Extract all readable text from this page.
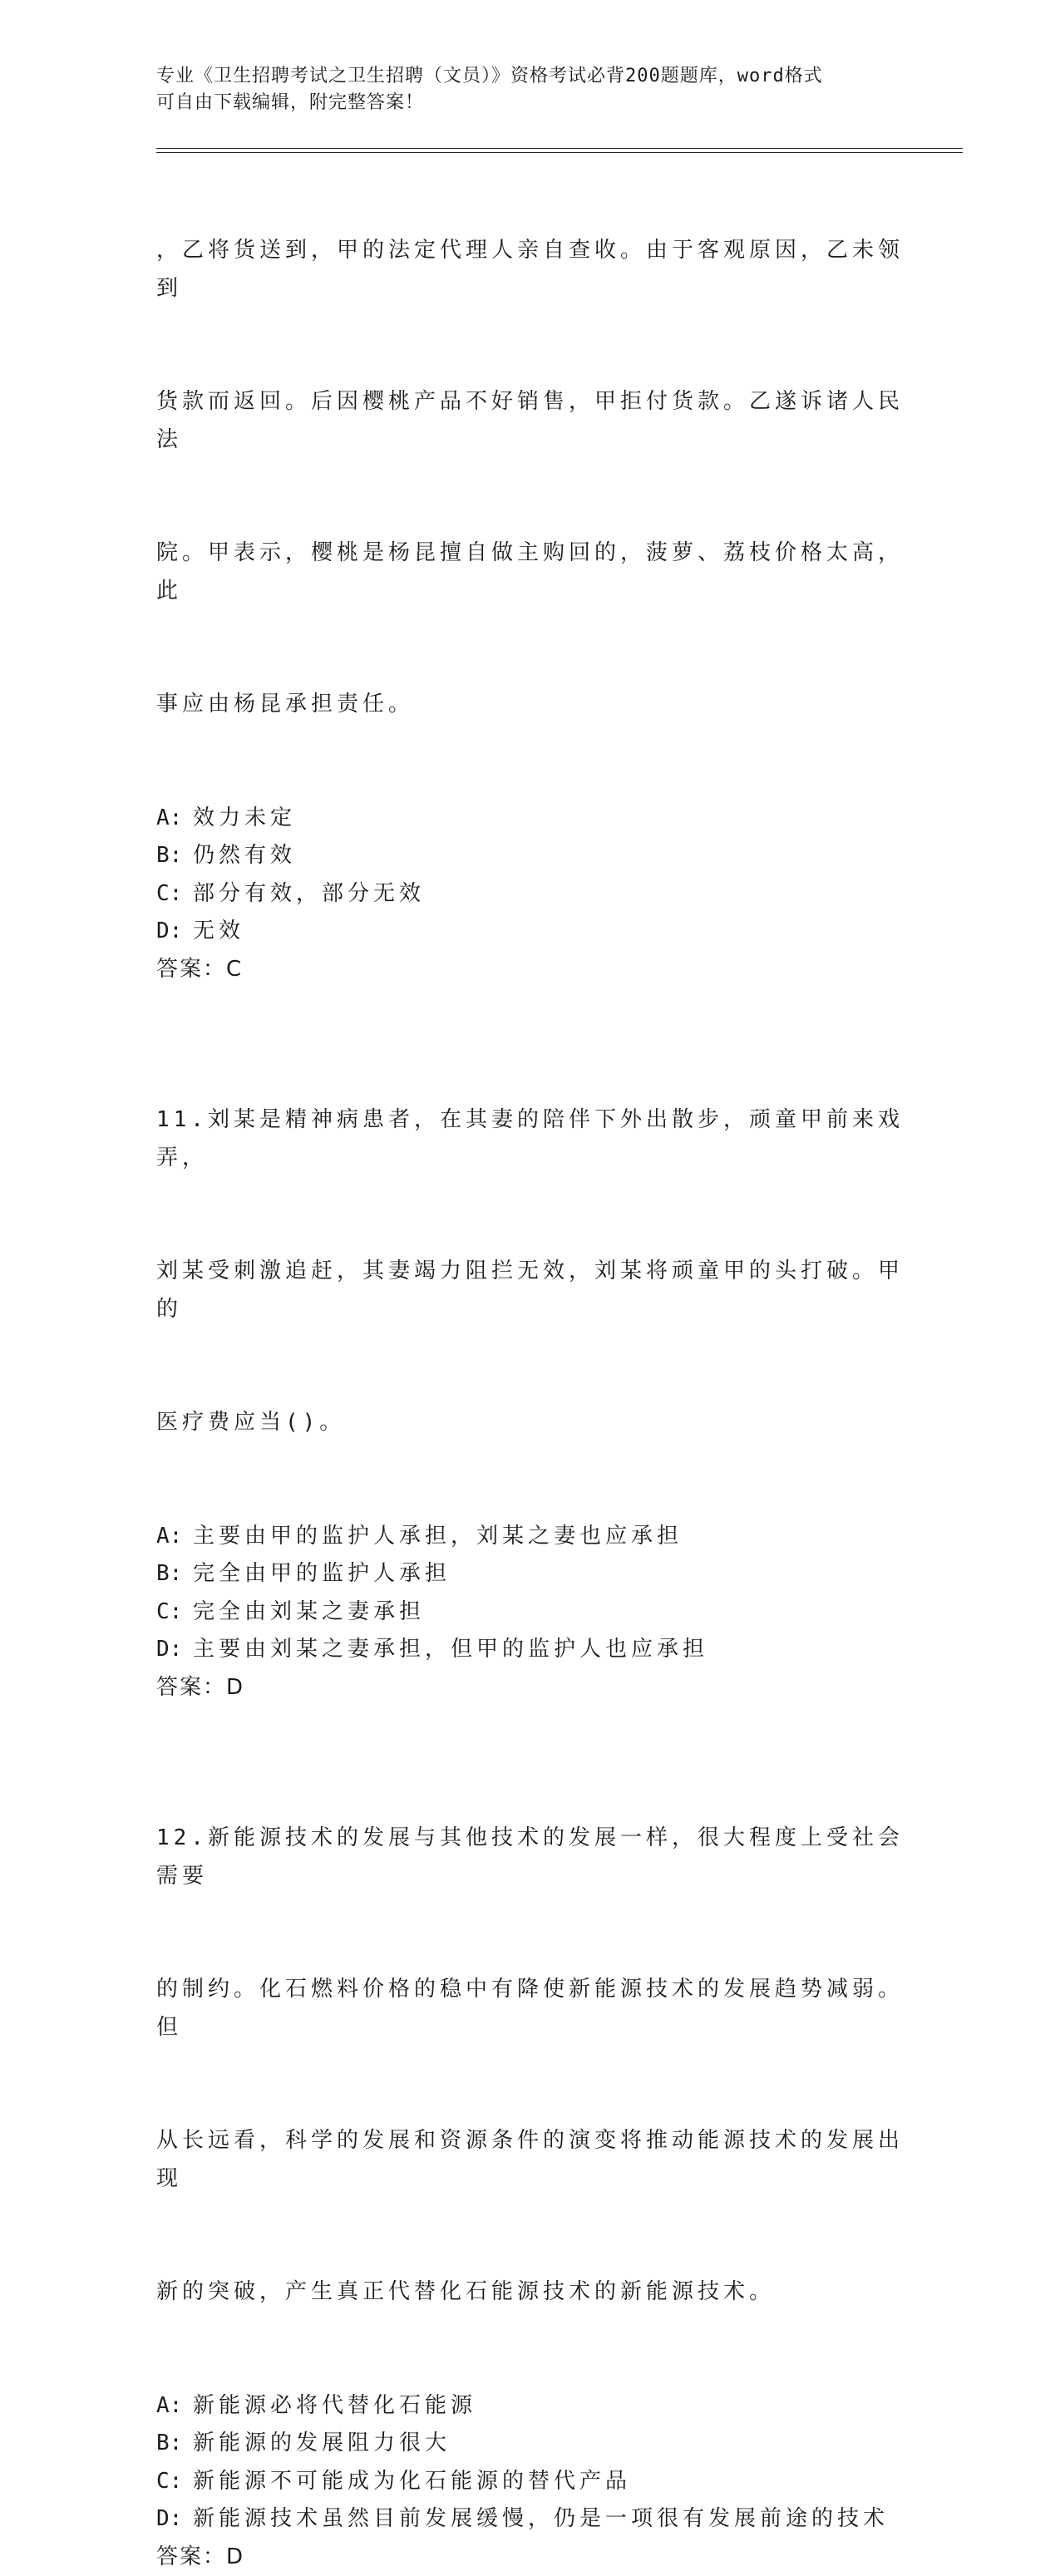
专业《卫生招聘考试之卫生招聘（文员）》资格考试必背200题题库，word格式
可自由下载编辑，附完整答案！

，乙将货送到，甲的法定代理人亲自查收。由于客观原因，乙未领到

货款而返回。后因樱桃产品不好销售，甲拒付货款。乙遂诉诸人民法

院。甲表示，樱桃是杨昆擅自做主购回的，菠萝、荔枝价格太高，此

事应由杨昆承担责任。

A: 效力未定
B: 仍然有效
C: 部分有效，部分无效
D: 无效
答案：C

11.刘某是精神病患者，在其妻的陪伴下外出散步，顽童甲前来戏弄，

刘某受刺激追赶，其妻竭力阻拦无效，刘某将顽童甲的头打破。甲的

医疗费应当()。

A: 主要由甲的监护人承担，刘某之妻也应承担
B: 完全由甲的监护人承担
C: 完全由刘某之妻承担
D: 主要由刘某之妻承担，但甲的监护人也应承担
答案：D

12.新能源技术的发展与其他技术的发展一样，很大程度上受社会需要

的制约。化石燃料价格的稳中有降使新能源技术的发展趋势减弱。但

从长远看，科学的发展和资源条件的演变将推动能源技术的发展出现

新的突破，产生真正代替化石能源技术的新能源技术。

A: 新能源必将代替化石能源
B: 新能源的发展阻力很大
C: 新能源不可能成为化石能源的替代产品
D: 新能源技术虽然目前发展缓慢，仍是一项很有发展前途的技术
答案：D
